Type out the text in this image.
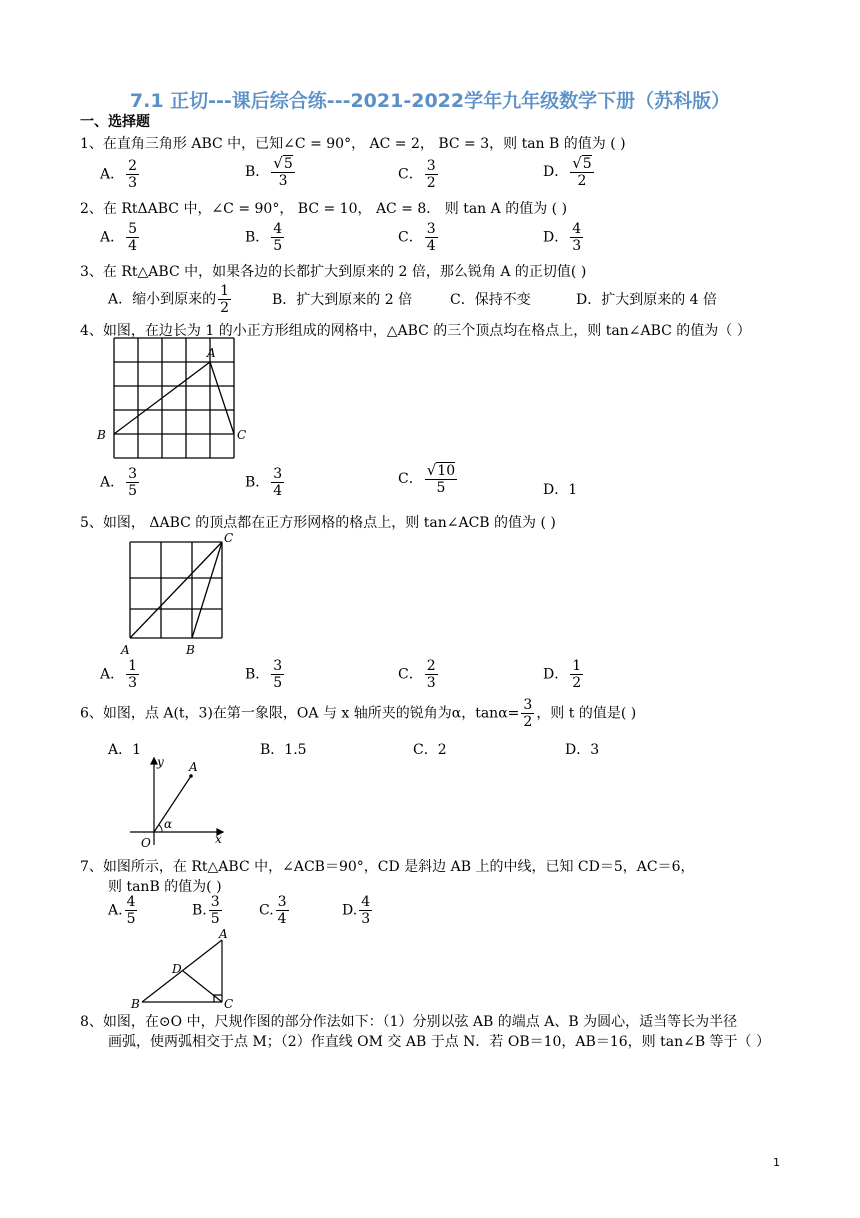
7.1 正切---课后综合练---2021-2022学年九年级数学下册（苏科版）
一、选择题
1、在直角三角形 ABC 中，已知∠C = 90°， AC = 2， BC = 3，则 tan B 的值为 ( )
A． $\frac{2}{3}$	B． $\frac{√5}{3}$	C． $\frac{3}{2}$	D． $\frac{√5}{2}$
2、在 RtΔABC 中，∠C = 90°， BC = 10， AC = 8． 则 tan A 的值为 ( )
A． $\frac{5}{4}$	B． $\frac{4}{5}$	C． $\frac{3}{4}$	D． $\frac{4}{3}$
3、在 Rt△ABC 中，如果各边的长都扩大到原来的 2 倍，那么锐角 A 的正切值( )
A．缩小到原来的 $\frac{1}{2}$	B．扩大到原来的 2 倍	C．保持不变	D．扩大到原来的 4 倍
4、如图，在边长为 1 的小正方形组成的网格中，△ABC 的三个顶点均在格点上，则 tan∠ABC 的值为（ ）
A
B	C
A． $\frac{3}{5}$	B． $\frac{3}{4}$	C． $\frac{√10}{5}$	D．1
5、如图， ΔABC 的顶点都在正方形网格的格点上，则 tan∠ACB 的值为 ( )
C
A	B
A． $\frac{1}{3}$	B． $\frac{3}{5}$	C． $\frac{2}{3}$	D． $\frac{1}{2}$
6、如图，点 A(t，3)在第一象限，OA 与 x 轴所夹的锐角为α，$\tan\alpha= \frac{3}{2}$ ，则 t 的值是( )
A．1	B．1.5	C．2	D．3
y
x
O
A
α
7、如图所示，在 Rt△ABC 中，∠ACB＝90°，CD 是斜边 AB 上的中线，已知 CD＝5，AC＝6，
则 tanB 的值为( )
A. $\frac{4}{5}$	B. $\frac{3}{5}$	C. $\frac{3}{4}$	D. $\frac{4}{3}$
A
B	C
D
8、如图，在⊙O 中，尺规作图的部分作法如下：（1）分别以弦 AB 的端点 A、B 为圆心，适当等长为半径
画弧，使两弧相交于点 M；（2）作直线 OM 交 AB 于点 N．若 OB＝10，AB＝16，则 tan∠B 等于（ ）
1
